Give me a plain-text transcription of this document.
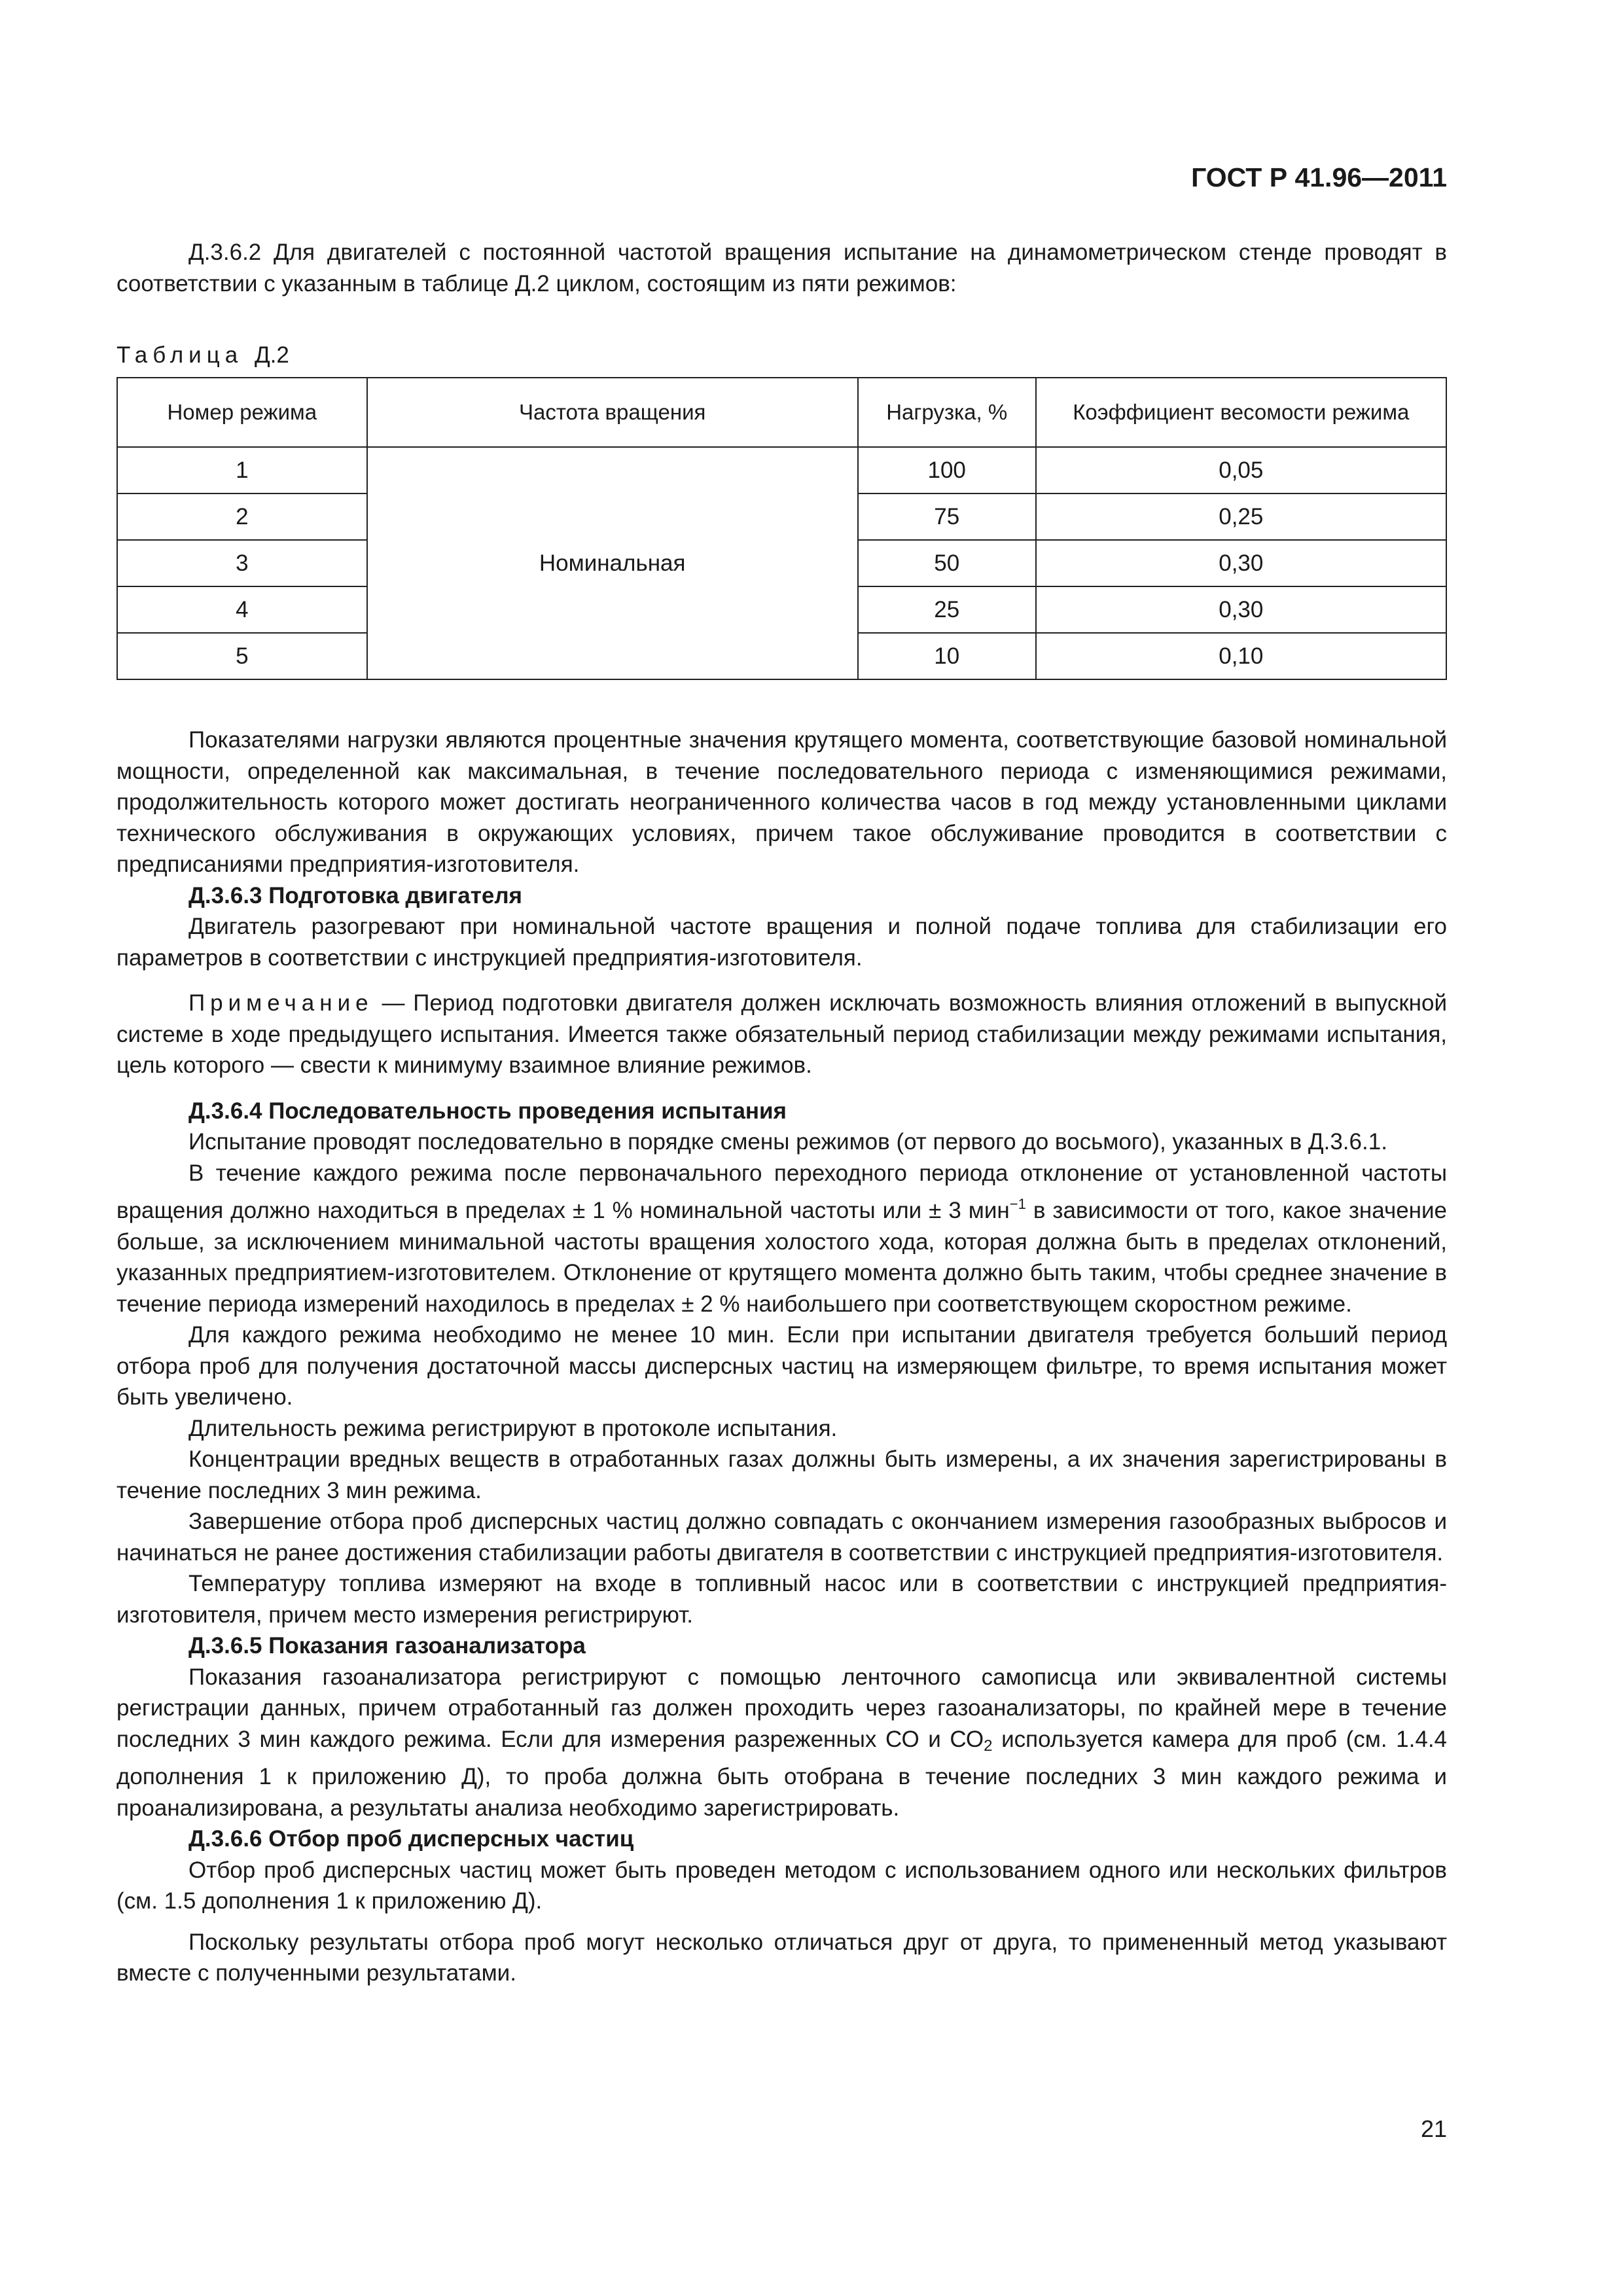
ГОСТ Р 41.96—2011

Д.3.6.2 Для двигателей с постоянной частотой вращения испытание на динамометрическом стенде проводят в соответствии с указанным в таблице Д.2 циклом, состоящим из пяти режимов:

Таблица Д.2

Номер режима	Частота вращения	Нагрузка, %	Коэффициент весомости режима
1	Номинальная	100	0,05
2		75	0,25
3		50	0,30
4		25	0,30
5		10	0,10

Показателями нагрузки являются процентные значения крутящего момента, соответствующие базовой номинальной мощности, определенной как максимальная, в течение последовательного периода с изменяющимися режимами, продолжительность которого может достигать неограниченного количества часов в год между установленными циклами технического обслуживания в окружающих условиях, причем такое обслуживание проводится в соответствии с предписаниями предприятия-изготовителя.

Д.3.6.3 Подготовка двигателя

Двигатель разогревают при номинальной частоте вращения и полной подаче топлива для стабилизации его параметров в соответствии с инструкцией предприятия-изготовителя.

Примечание — Период подготовки двигателя должен исключать возможность влияния отложений в выпускной системе в ходе предыдущего испытания. Имеется также обязательный период стабилизации между режимами испытания, цель которого — свести к минимуму взаимное влияние режимов.

Д.3.6.4 Последовательность проведения испытания

Испытание проводят последовательно в порядке смены режимов (от первого до восьмого), указанных в Д.3.6.1.

В течение каждого режима после первоначального переходного периода отклонение от установленной частоты вращения должно находиться в пределах ± 1 % номинальной частоты или ± 3 мин$^{-1}$ в зависимости от того, какое значение больше, за исключением минимальной частоты вращения холостого хода, которая должна быть в пределах отклонений, указанных предприятием-изготовителем. Отклонение от крутящего момента должно быть таким, чтобы среднее значение в течение периода измерений находилось в пределах ± 2 % наибольшего при соответствующем скоростном режиме.

Для каждого режима необходимо не менее 10 мин. Если при испытании двигателя требуется больший период отбора проб для получения достаточной массы дисперсных частиц на измеряющем фильтре, то время испытания может быть увеличено.

Длительность режима регистрируют в протоколе испытания.

Концентрации вредных веществ в отработанных газах должны быть измерены, а их значения зарегистрированы в течение последних 3 мин режима.

Завершение отбора проб дисперсных частиц должно совпадать с окончанием измерения газообразных выбросов и начинаться не ранее достижения стабилизации работы двигателя в соответствии с инструкцией предприятия-изготовителя.

Температуру топлива измеряют на входе в топливный насос или в соответствии с инструкцией предприятия-изготовителя, причем место измерения регистрируют.

Д.3.6.5 Показания газоанализатора

Показания газоанализатора регистрируют с помощью ленточного самописца или эквивалентной системы регистрации данных, причем отработанный газ должен проходить через газоанализаторы, по крайней мере в течение последних 3 мин каждого режима. Если для измерения разреженных СО и $СО_2$ используется камера для проб (см. 1.4.4 дополнения 1 к приложению Д), то проба должна быть отобрана в течение последних 3 мин каждого режима и проанализирована, а результаты анализа необходимо зарегистрировать.

Д.3.6.6 Отбор проб дисперсных частиц

Отбор проб дисперсных частиц может быть проведен методом с использованием одного или нескольких фильтров (см. 1.5 дополнения 1 к приложению Д).

Поскольку результаты отбора проб могут несколько отличаться друг от друга, то примененный метод указывают вместе с полученными результатами.

21
